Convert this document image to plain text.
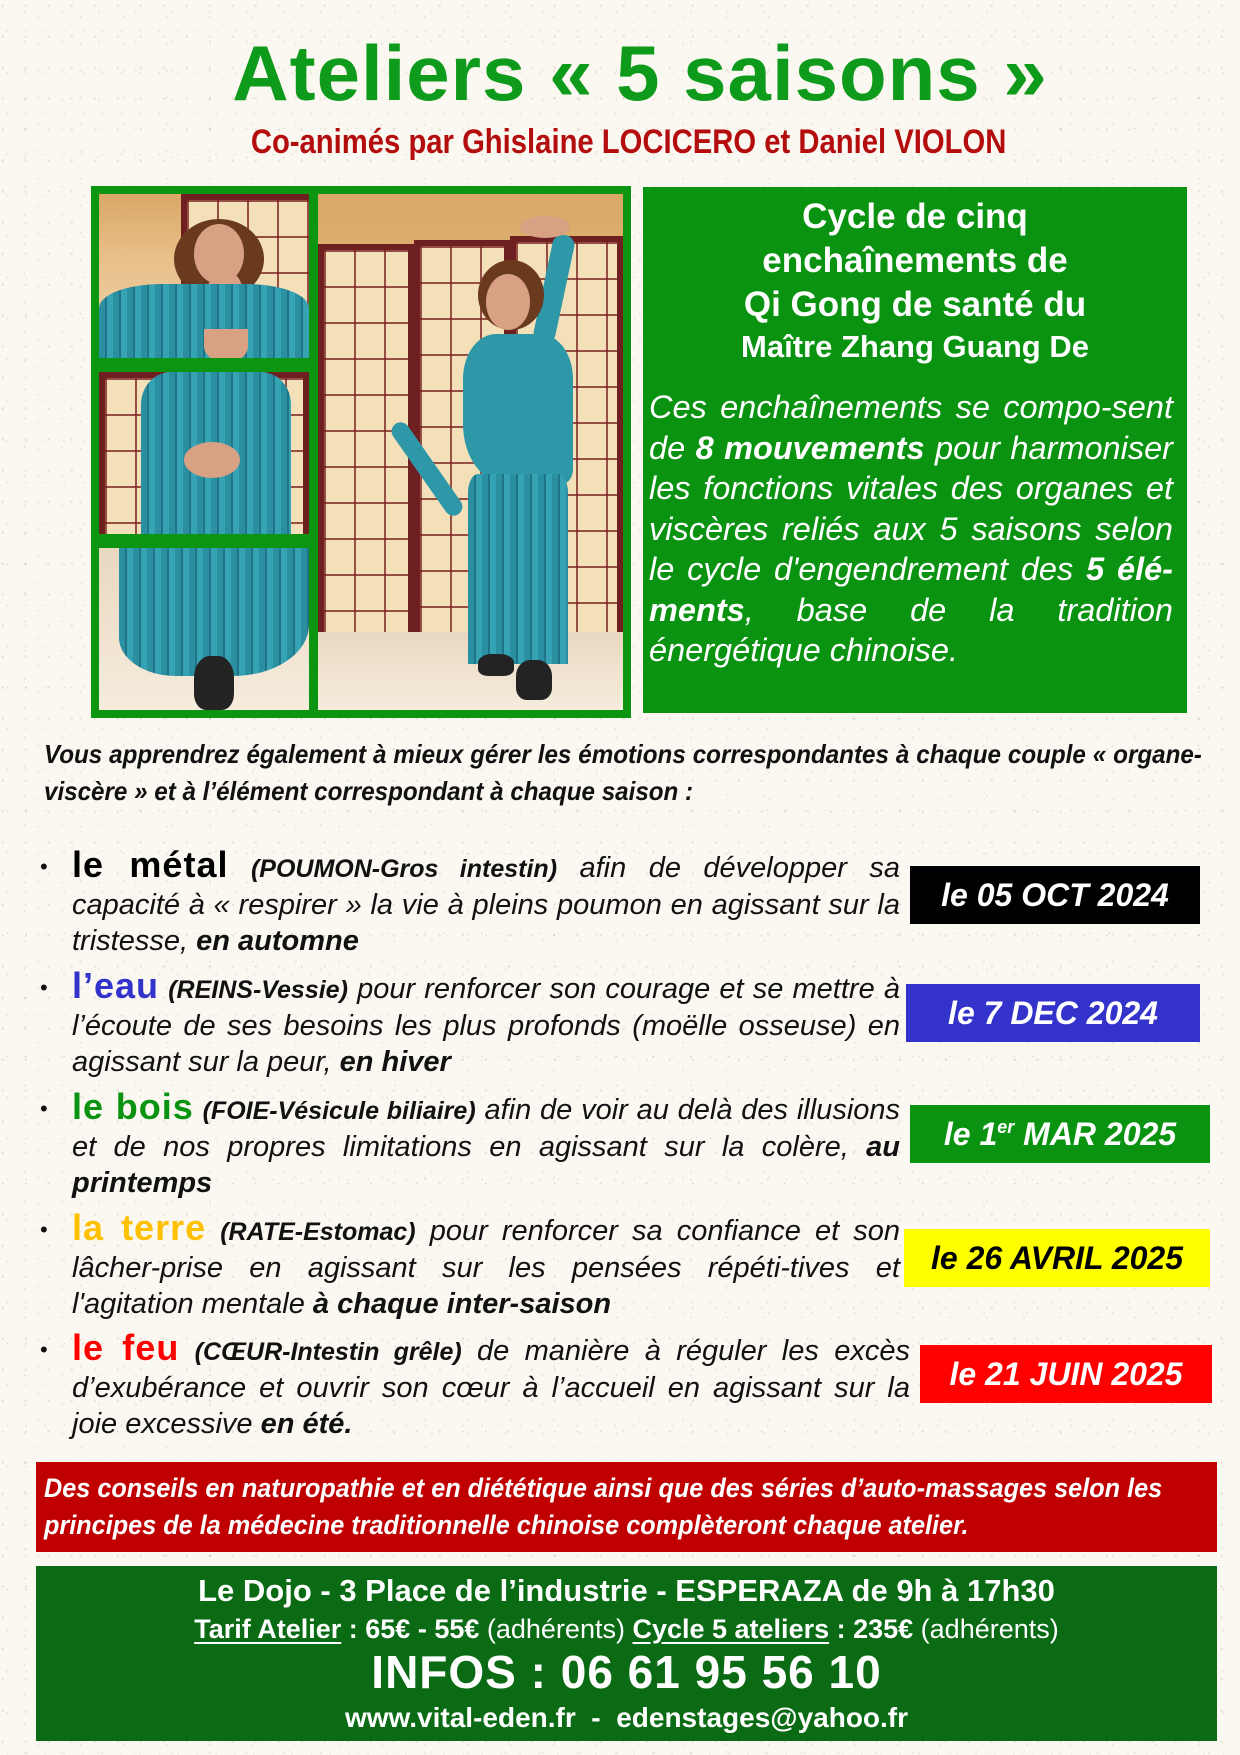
Ateliers « 5 saisons »
Co-animés par Ghislaine LOCICERO et Daniel VIOLON
Cycle de cinq
enchaînements de
Qi Gong de santé du
Maître Zhang Guang De

Ces enchaînements se compo-sent de 8 mouvements pour harmoniser les fonctions vitales des organes et viscères reliés aux 5 saisons selon le cycle d'engendrement des 5 élé-ments, base de la tradition énergétique chinoise.

Vous apprendrez également à mieux gérer les émotions correspondantes à chaque couple « organe-viscère » et à l’élément correspondant à chaque saison :

• le métal (POUMON-Gros intestin) afin de développer sa capacité à « respirer » la vie à pleins poumon en agissant sur la tristesse, en automne
le 05 OCT 2024
• l’eau (REINS-Vessie) pour renforcer son courage et se mettre à l’écoute de ses besoins les plus profonds (moëlle osseuse) en agissant sur la peur, en hiver
le 7 DEC 2024
• le bois (FOIE-Vésicule biliaire) afin de voir au delà des illusions et de nos propres limitations en agissant sur la colère, au printemps
le 1er MAR 2025
• la terre (RATE-Estomac) pour renforcer sa confiance et son lâcher-prise en agissant sur les pensées répéti-tives et l'agitation mentale à chaque inter-saison
le 26 AVRIL 2025
• le feu (CŒUR-Intestin grêle) de manière à réguler les excès d’exubérance et ouvrir son cœur à l’accueil en agissant sur la joie excessive en été.
le 21 JUIN 2025

Des conseils en naturopathie et en diététique ainsi que des séries d’auto-massages selon les principes de la médecine traditionnelle chinoise complèteront chaque atelier.

Le Dojo - 3 Place de l’industrie - ESPERAZA de 9h à 17h30
Tarif Atelier : 65€ - 55€ (adhérents) Cycle 5 ateliers : 235€ (adhérents)
INFOS : 06 61 95 56 10
www.vital-eden.fr  -  edenstages@yahoo.fr
